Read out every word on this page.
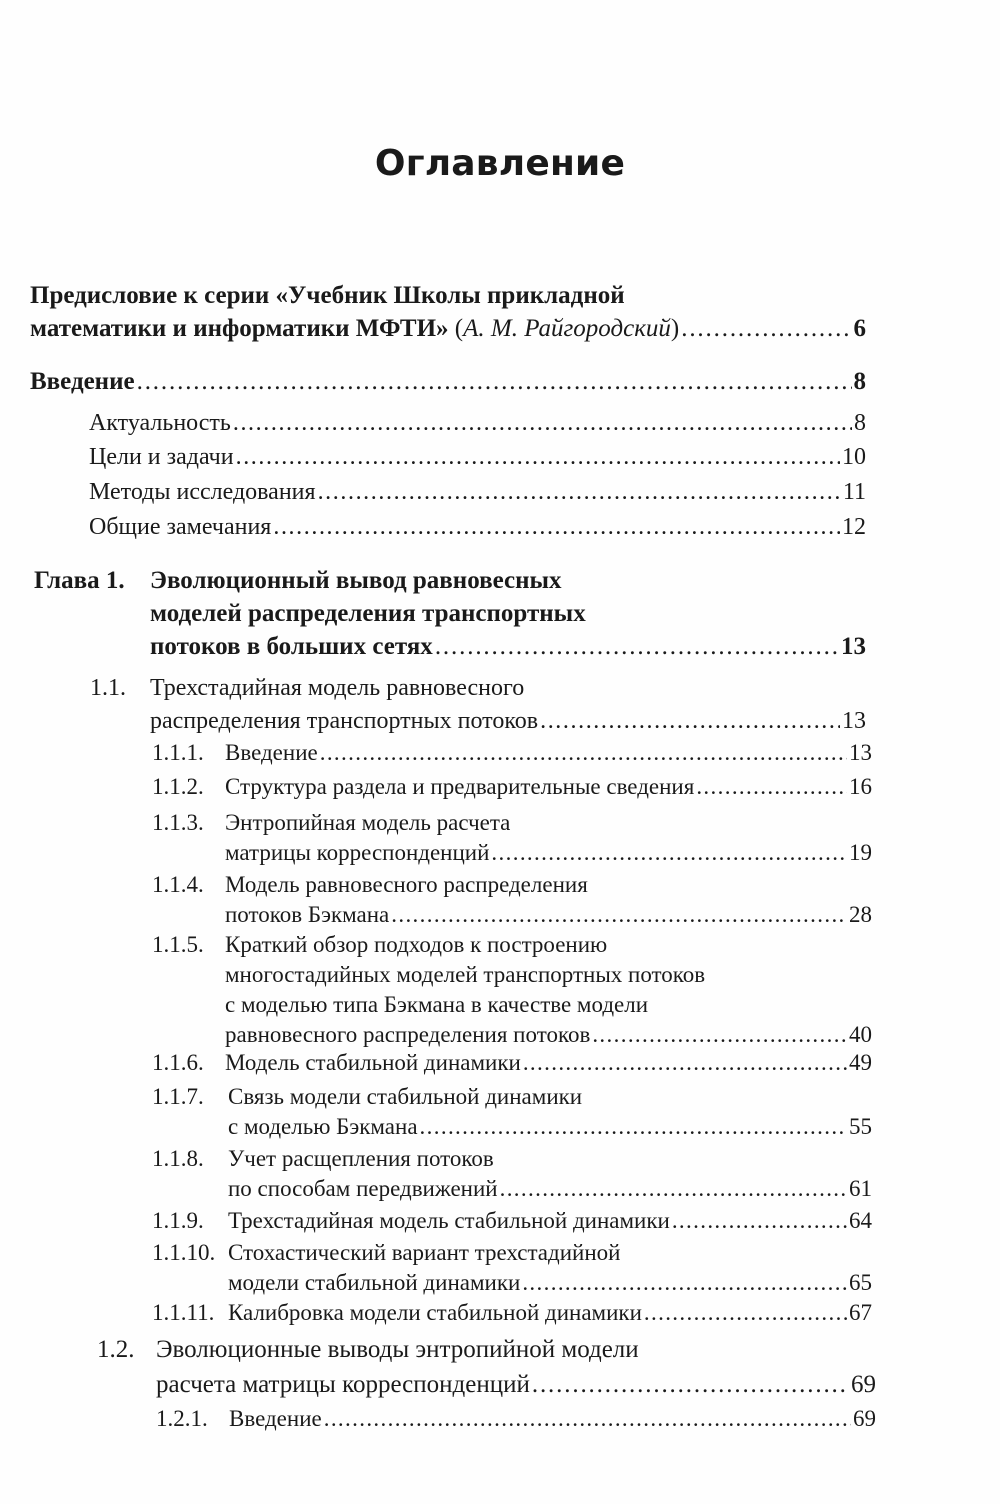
Оглавление
Предисловие к серии «Учебник Школы прикладной
математики и информатики МФТИ» (А. М. Райгородский) . . .	6
Введение . . .	8
Актуальность . . .	8
Цели и задачи . . .	10
Методы исследования . . .	11
Общие замечания . . .	12
Глава 1. Эволюционный вывод равновесных
моделей распределения транспортных
потоков в больших сетях . . .	13
1.1. Трехстадийная модель равновесного
распределения транспортных потоков . . .	13
1.1.1. Введение . . .	13
1.1.2. Структура раздела и предварительные сведения . . .	16
1.1.3. Энтропийная модель расчета
матрицы корреспонденций . . .	19
1.1.4. Модель равновесного распределения
потоков Бэкмана . . .	28
1.1.5. Краткий обзор подходов к построению
многостадийных моделей транспортных потоков
с моделью типа Бэкмана в качестве модели
равновесного распределения потоков . . .	40
1.1.6. Модель стабильной динамики . . .	49
1.1.7. Связь модели стабильной динамики
с моделью Бэкмана . . .	55
1.1.8. Учет расщепления потоков
по способам передвижений . . .	61
1.1.9. Трехстадийная модель стабильной динамики . . .	64
1.1.10. Стохастический вариант трехстадийной
модели стабильной динамики . . .	65
1.1.11. Калибровка модели стабильной динамики . . .	67
1.2. Эволюционные выводы энтропийной модели
расчета матрицы корреспонденций . . .	69
1.2.1. Введение . . .	69
